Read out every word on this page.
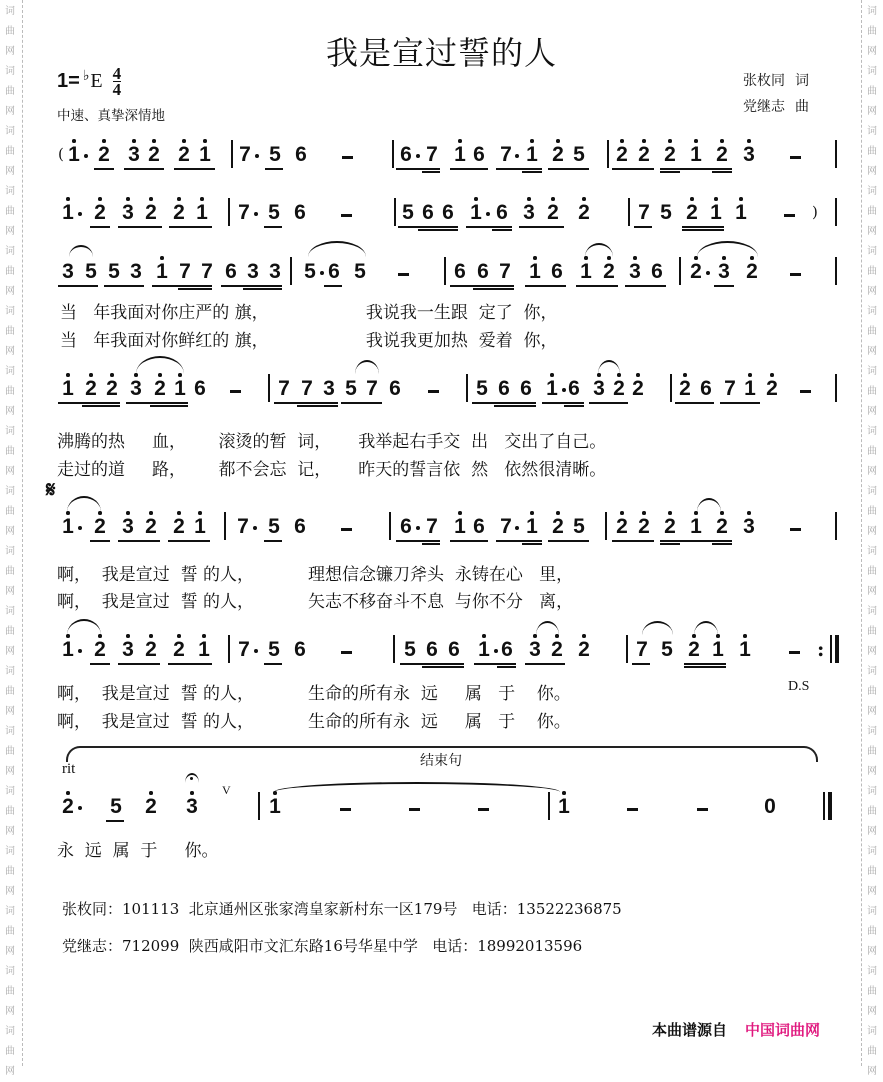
词
曲
网
词
曲
网
词
曲
网
词
曲
网
词
曲
网
词
曲
网
词
曲
网
词
曲
网
词
曲
网
词
曲
网
词
曲
网
词
曲
网
词
曲
网
词
曲
网
词
曲
网
词
曲
网
词
曲
网
词
曲
网
词
曲
网
词
曲
网
词
曲
网
词
曲
网
词
曲
网
词
曲
网
词
曲
网
词
曲
网
词
曲
网
词
曲
网
词
曲
网
词
曲
网
词
曲
网
词
曲
网
词
曲
网
词
曲
网
词
曲
网
词
曲
网
我是宣过誓的人
1= ♭ E 4
4
中速、真挚深情地
张枚同 词
党继志 曲
( 1 2 3 2 2 1 7 5 6	6 7 1 6 7 1 2 5 2 2 2 1 2 3
1 2 3 2 2 1 7 5 6	5 6 6 1 6 3 2 2 7 5 2 1 1	)
3 5 5 3 1 7 7 6 3 3 5 6 5	6 6 7 1 6 1 2 3 6 2 3 2
1 2 2 3 2 1 6	7 7 3 5 7 6	5 6 6 1 6 3 2 2 2 6 7 1 2
1 2 3 2 2 1 7 5 6	6 7 1 6 7 1 2 5 2 2 2 1 2 3
1 2 3 2 2 1 7 5 6	5 6 6 1 6 3 2 2 7 5 2 1 1	:
2 5 2 3	1	1	0
当   年我面对你庄严的 旗，                  我说我一生跟  定了  你，
当   年我面对你鲜红的 旗，                  我说我更加热  爱着  你，
沸腾的热     血，      滚烫的暂  词，     我举起右手交  出   交出了自己。
走过的道     路，      都不会忘  记，     昨天的誓言依  然   依然很清晰。
啊，  我是宣过  誓 的人，          理想信念镰刀斧头  永铸在心   里，
啊，  我是宣过  誓 的人，          矢志不移奋斗不息  与你不分   离，
啊，  我是宣过  誓 的人，          生命的所有永  远     属   于    你。
啊，  我是宣过  誓 的人，          生命的所有永  远     属   于    你。
永  远  属  于     你。
𝄋
D.S
结束句
rit
V
张枚同：101113  北京通州区张家湾皇家新村东一区179号   电话：13522236875
党继志：712099  陕西咸阳市文汇东路16号华星中学   电话：18992013596
本曲谱源自 中国词曲网
